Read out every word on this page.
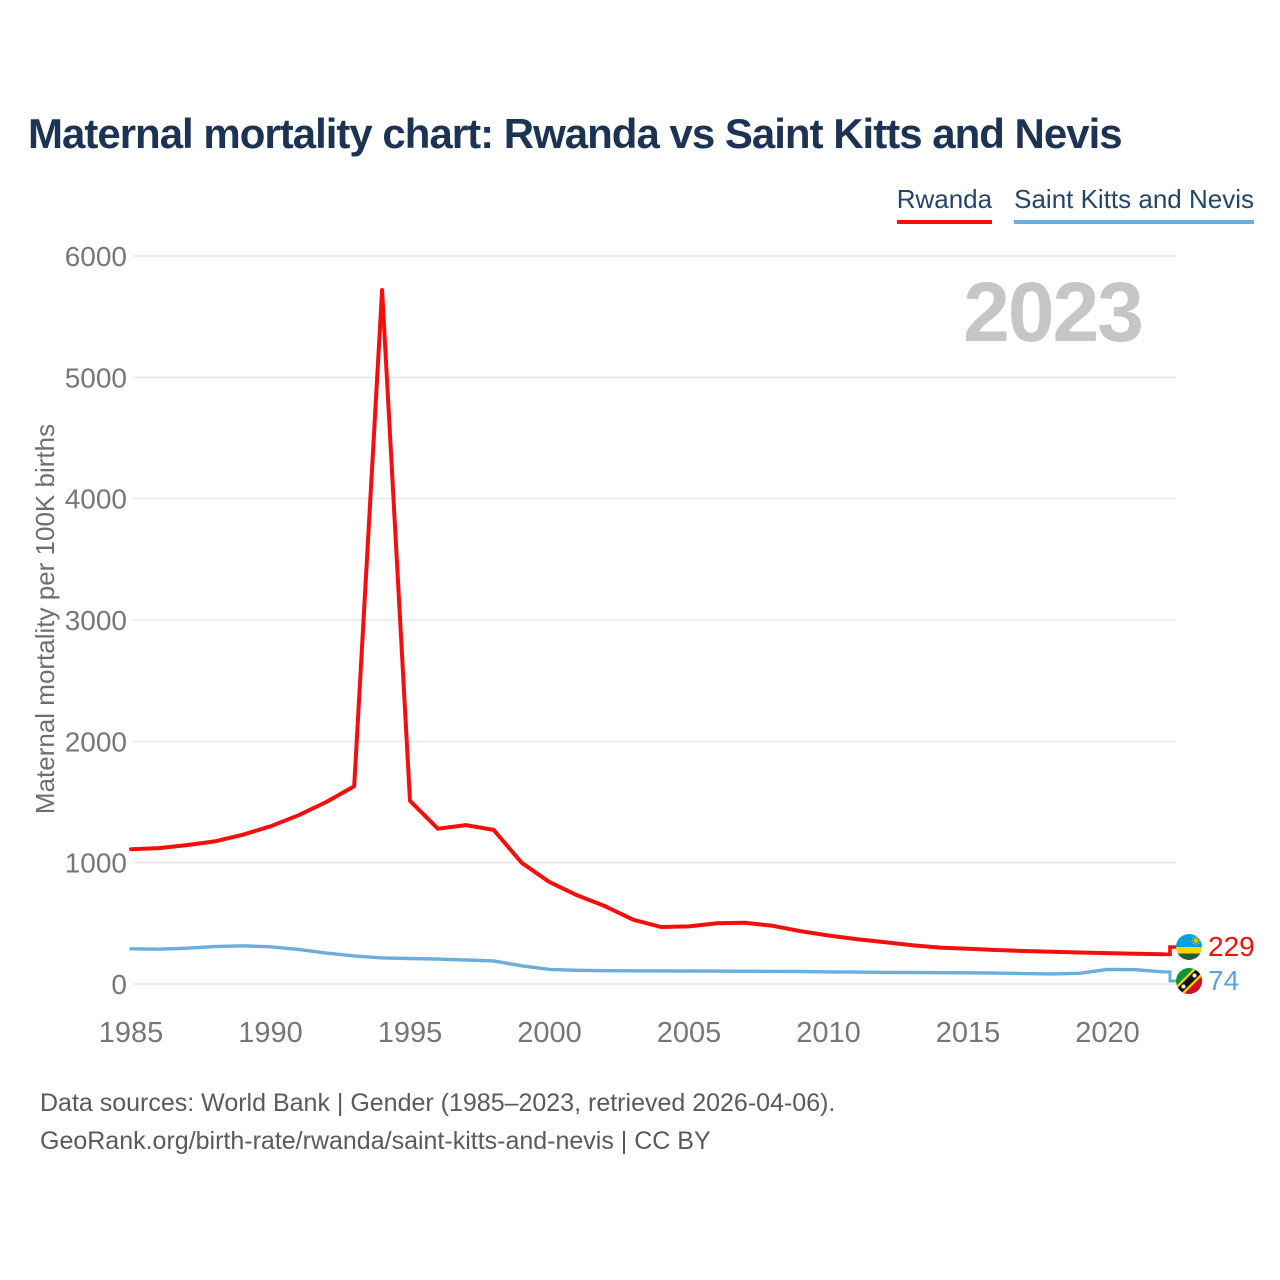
Maternal mortality chart: Rwanda vs Saint Kitts and Nevis
Rwanda Saint Kitts and Nevis
2023
Maternal mortality per 100K births
0
1000
2000
3000
4000
5000
6000
1985	1990	1995	2000	2005	2010	2015	2020
229
74
Data sources: World Bank | Gender (1985–2023, retrieved 2026-04-06).
GeoRank.org/birth-rate/rwanda/saint-kitts-and-nevis | CC BY
